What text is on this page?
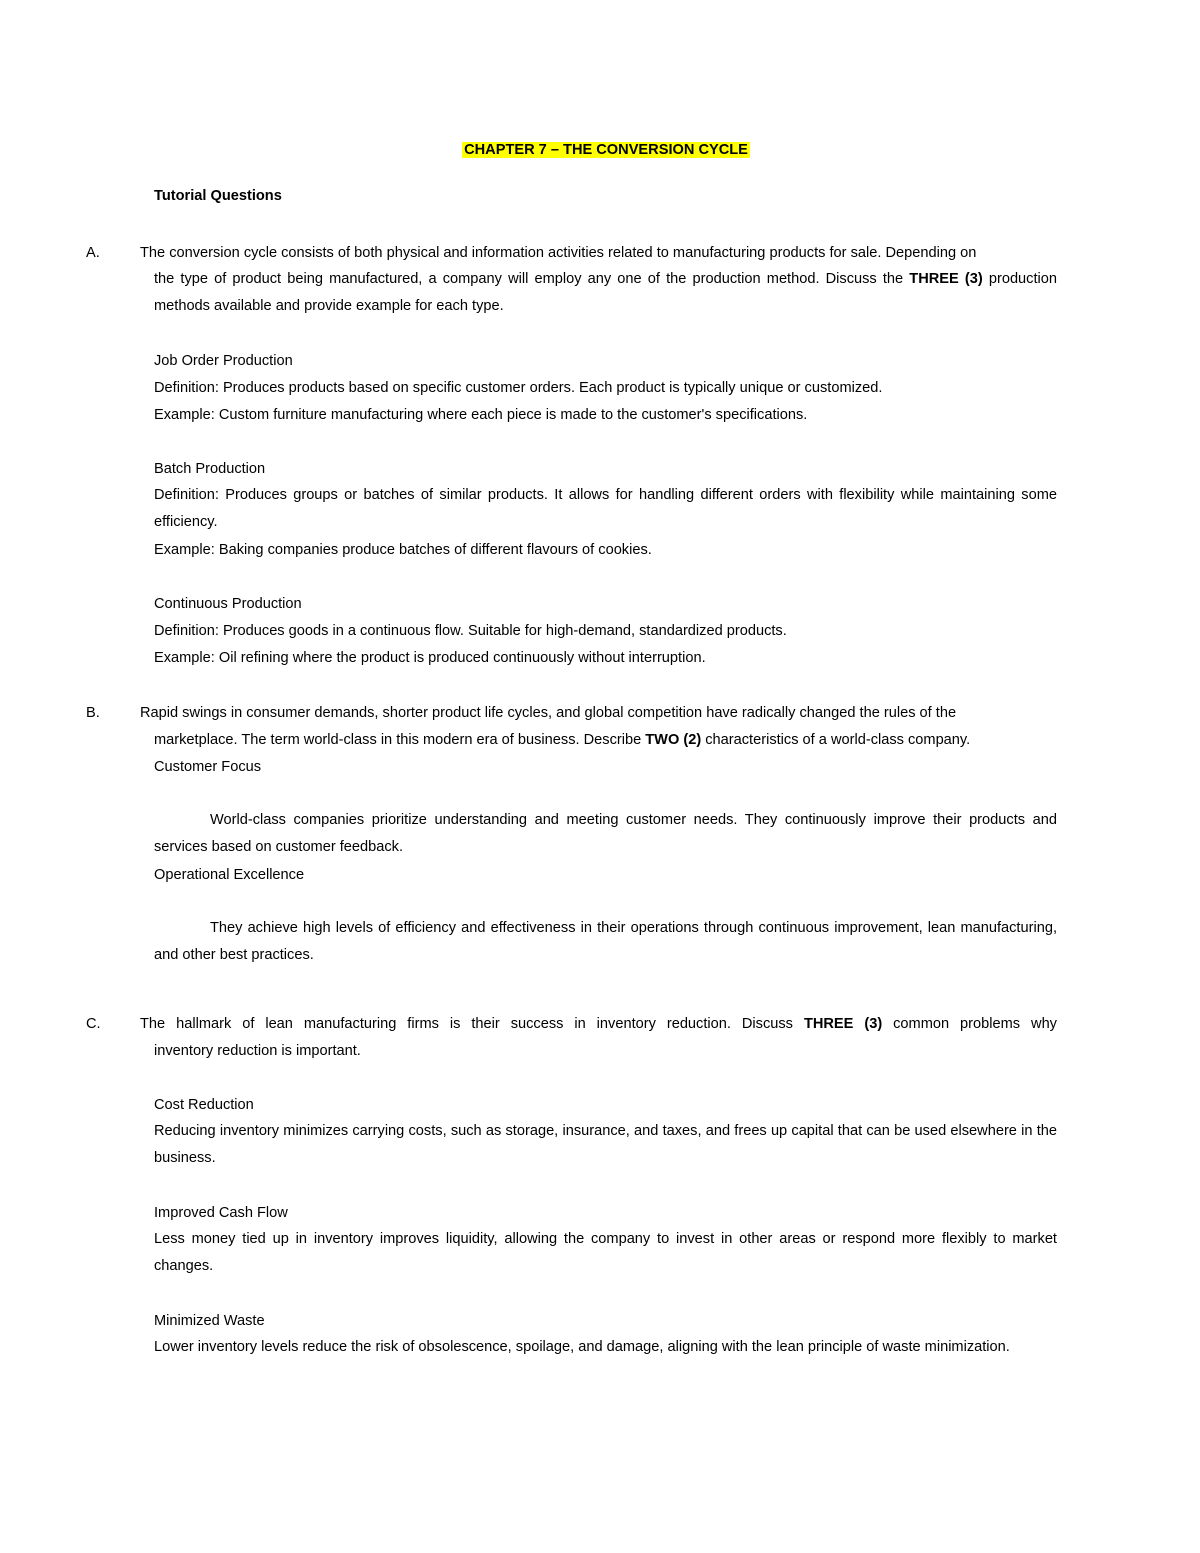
CHAPTER 7 – THE CONVERSION CYCLE
Tutorial Questions
A.	The conversion cycle consists of both physical and information activities related to manufacturing products for sale. Depending on
the type of product being manufactured, a company will employ any one of the production method. Discuss the THREE (3) production methods available and provide example for each type.
Job Order Production
Definition: Produces products based on specific customer orders. Each product is typically unique or customized.
Example: Custom furniture manufacturing where each piece is made to the customer's specifications.
Batch Production
Definition: Produces groups or batches of similar products. It allows for handling different orders with flexibility while maintaining some efficiency.
Example: Baking companies produce batches of different flavours of cookies.
Continuous Production
Definition: Produces goods in a continuous flow. Suitable for high-demand, standardized products.
Example: Oil refining where the product is produced continuously without interruption.
B.	Rapid swings in consumer demands, shorter product life cycles, and global competition have radically changed the rules of the
marketplace. The term world-class in this modern era of business. Describe TWO (2) characteristics of a world-class company.
Customer Focus
World-class companies prioritize understanding and meeting customer needs. They continuously improve their products and services based on customer feedback.
Operational Excellence
They achieve high levels of efficiency and effectiveness in their operations through continuous improvement, lean manufacturing, and other best practices.
C.	The hallmark of lean manufacturing firms is their success in inventory reduction. Discuss THREE (3) common problems why
inventory reduction is important.
Cost Reduction
Reducing inventory minimizes carrying costs, such as storage, insurance, and taxes, and frees up capital that can be used elsewhere in the business.
Improved Cash Flow
Less money tied up in inventory improves liquidity, allowing the company to invest in other areas or respond more flexibly to market changes.
Minimized Waste
Lower inventory levels reduce the risk of obsolescence, spoilage, and damage, aligning with the lean principle of waste minimization.
